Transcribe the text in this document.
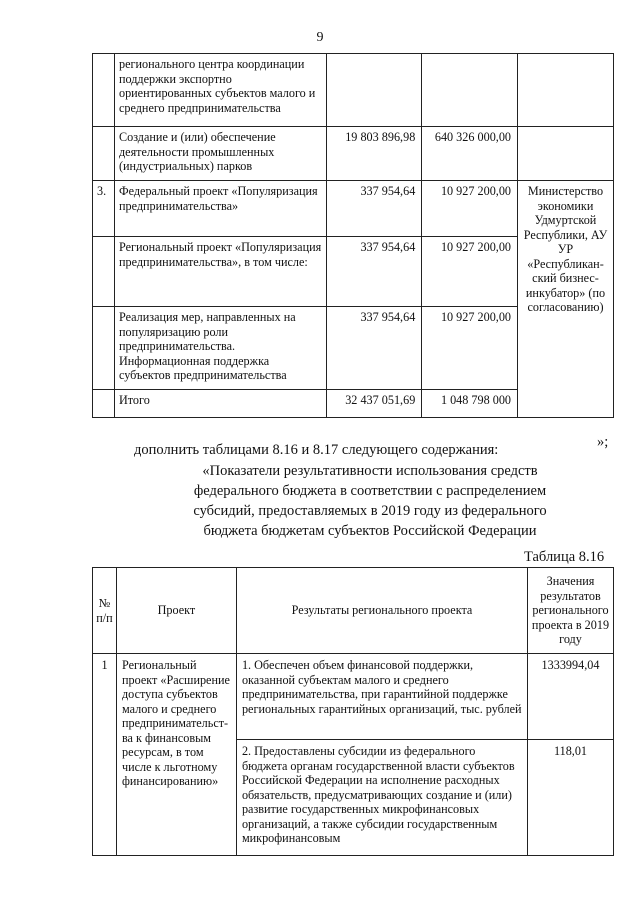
9
	регионального центра координации поддержки экспортно ориентированных субъектов малого и среднего предпринимательства			
	Создание и (или) обеспечение деятельности промышленных (индустриальных) парков	19 803 896,98	640 326 000,00	
3.	Федеральный проект «Популяризация предпринимательства»	337 954,64	10 927 200,00	Министерство экономики Удмуртской Республики, АУ УР «Республикан-ский бизнес-инкубатор» (по согласованию)
	Региональный проект «Популяризация предпринимательства», в том числе:	337 954,64	10 927 200,00	
	Реализация мер, направленных на популяризацию роли предпринимательства. Информационная поддержка субъектов предпринимательства	337 954,64	10 927 200,00	
	Итого	32 437 051,69	1 048 798 000	
»;
дополнить таблицами 8.16 и 8.17 следующего содержания:
«Показатели результативности использования средств
федерального бюджета в соответствии с распределением
субсидий, предоставляемых в 2019 году из федерального
бюджета бюджетам субъектов Российской Федерации
Таблица 8.16
№ п/п	Проект	Результаты регионального проекта	Значения результатов регионального проекта в 2019 году
1	Региональный проект «Расширение доступа субъектов малого и среднего предпринимательст-ва к финансовым ресурсам, в том числе к льготному финансированию»	1. Обеспечен объем финансовой поддержки, оказанной субъектам малого и среднего предпринимательства, при гарантийной поддержке региональных гарантийных организаций, тыс. рублей	1333994,04
		2. Предоставлены субсидии из федерального бюджета органам государственной власти субъектов Российской Федерации на исполнение расходных обязательств, предусматривающих создание и (или) развитие государственных микрофинансовых организаций, а также субсидии государственным микрофинансовым	118,01
